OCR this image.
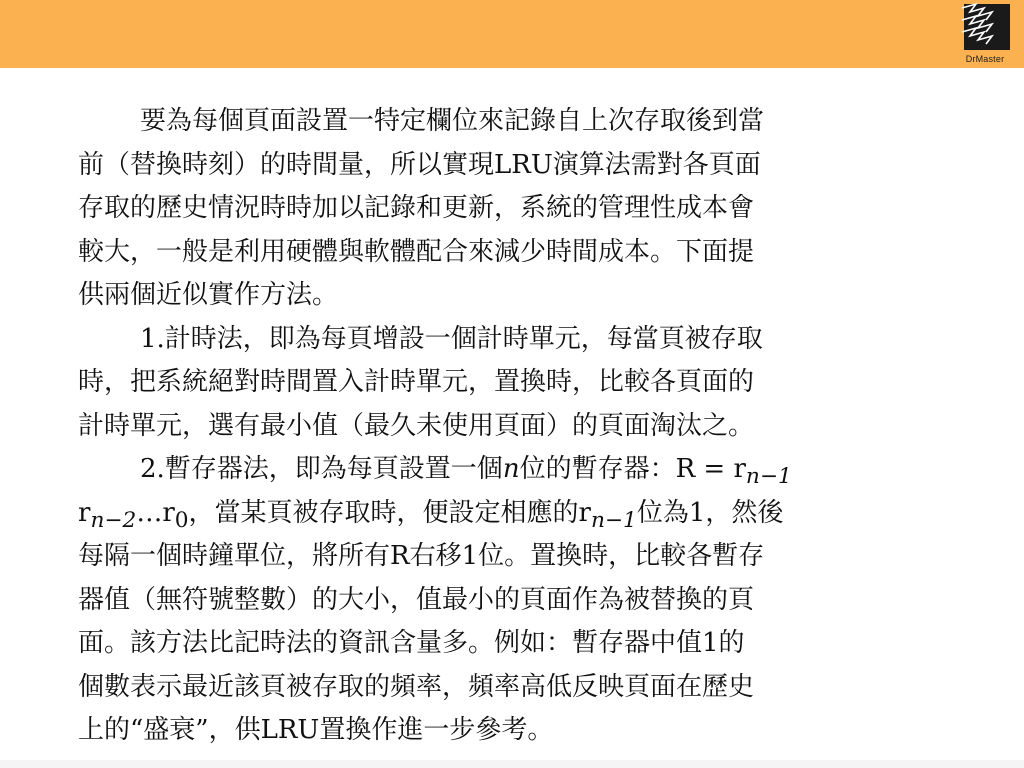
DrMaster
要為每個頁面設置一特定欄位來記錄自上次存取後到當
前（替換時刻）的時間量，所以實現LRU演算法需對各頁面
存取的歷史情況時時加以記錄和更新，系統的管理性成本會
較大，一般是利用硬體與軟體配合來減少時間成本。下面提
供兩個近似實作方法。
1.計時法，即為每頁增設一個計時單元，每當頁被存取
時，把系統絕對時間置入計時單元，置換時，比較各頁面的
計時單元，選有最小值（最久未使用頁面）的頁面淘汰之。
2.暫存器法，即為每頁設置一個n位的暫存器：$R = r_{n-1}$
$r_{n-2}\dots r_0$，當某頁被存取時，便設定相應的$r_{n-1}$位為1，然後
每隔一個時鐘單位，將所有R右移1位。置換時，比較各暫存
器值（無符號整數）的大小，值最小的頁面作為被替換的頁
面。該方法比記時法的資訊含量多。例如：暫存器中值1的
個數表示最近該頁被存取的頻率，頻率高低反映頁面在歷史
上的“盛衰”，供LRU置換作進一步參考。
